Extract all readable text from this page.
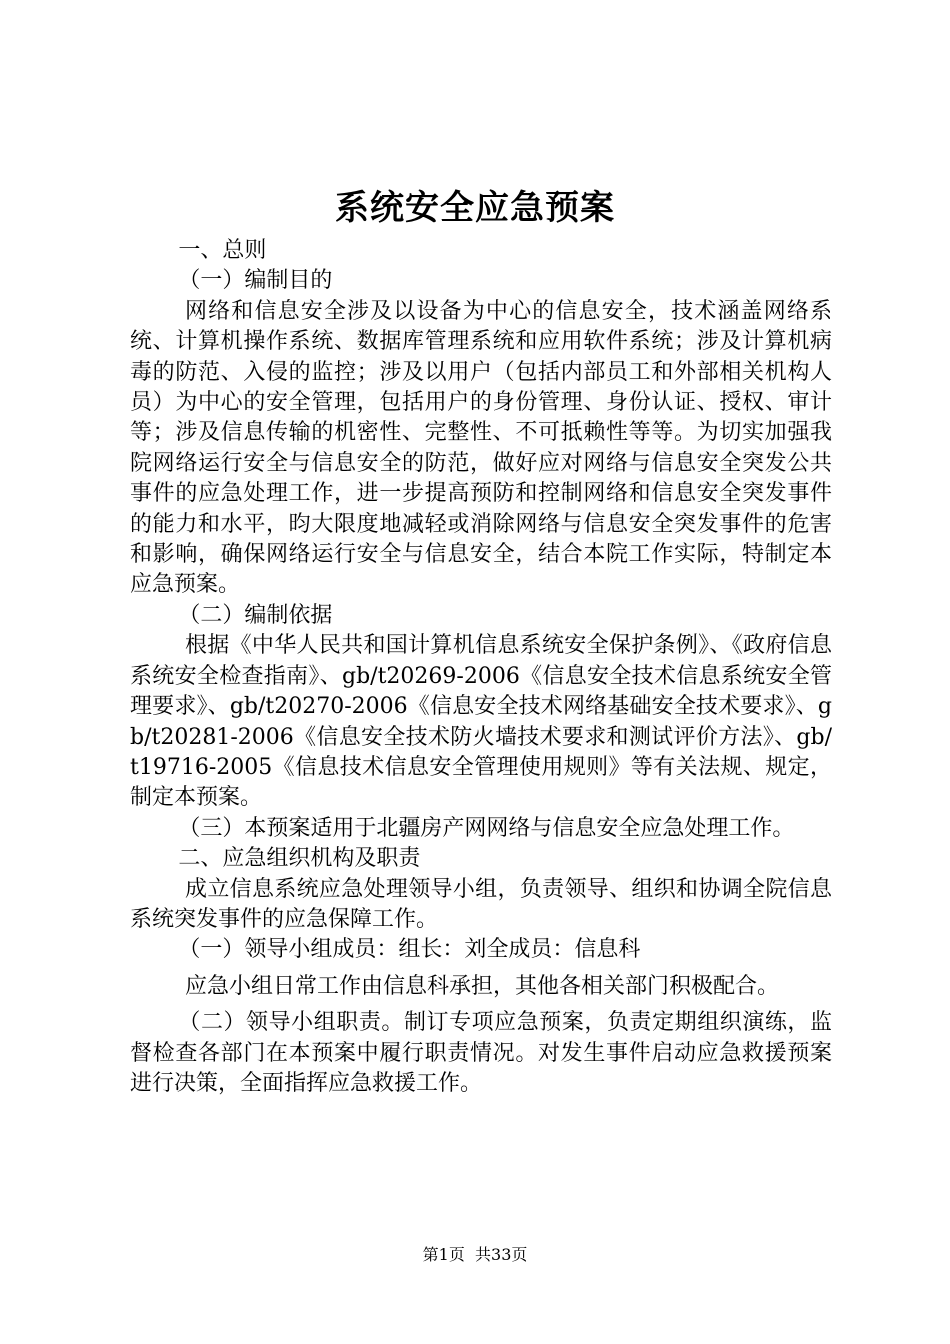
系统安全应急预案

一、总则

（一）编制目的

网络和信息安全涉及以设备为中心的信息安全，技术涵盖网络系统、计算机操作系统、数据库管理系统和应用软件系统；涉及计算机病毒的防范、入侵的监控；涉及以用户（包括内部员工和外部相关机构人员）为中心的安全管理，包括用户的身份管理、身份认证、授权、审计等；涉及信息传输的机密性、完整性、不可抵赖性等等。为切实加强我院网络运行安全与信息安全的防范，做好应对网络与信息安全突发公共事件的应急处理工作，进一步提高预防和控制网络和信息安全突发事件的能力和水平，昀大限度地减轻或消除网络与信息安全突发事件的危害和影响，确保网络运行安全与信息安全，结合本院工作实际，特制定本应急预案。

（二）编制依据

根据《中华人民共和国计算机信息系统安全保护条例》、《政府信息系统安全检查指南》、gb/t20269-2006《信息安全技术信息系统安全管理要求》、gb/t20270-2006《信息安全技术网络基础安全技术要求》、gb/t20281-2006《信息安全技术防火墙技术要求和测试评价方法》、gb/t19716-2005《信息技术信息安全管理使用规则》等有关法规、规定，制定本预案。

（三）本预案适用于北疆房产网网络与信息安全应急处理工作。

二、应急组织机构及职责

成立信息系统应急处理领导小组，负责领导、组织和协调全院信息系统突发事件的应急保障工作。

（一）领导小组成员：组长：刘全成员：信息科

应急小组日常工作由信息科承担，其他各相关部门积极配合。

（二）领导小组职责。制订专项应急预案，负责定期组织演练，监督检查各部门在本预案中履行职责情况。对发生事件启动应急救援预案进行决策，全面指挥应急救援工作。

第1页 共33页
